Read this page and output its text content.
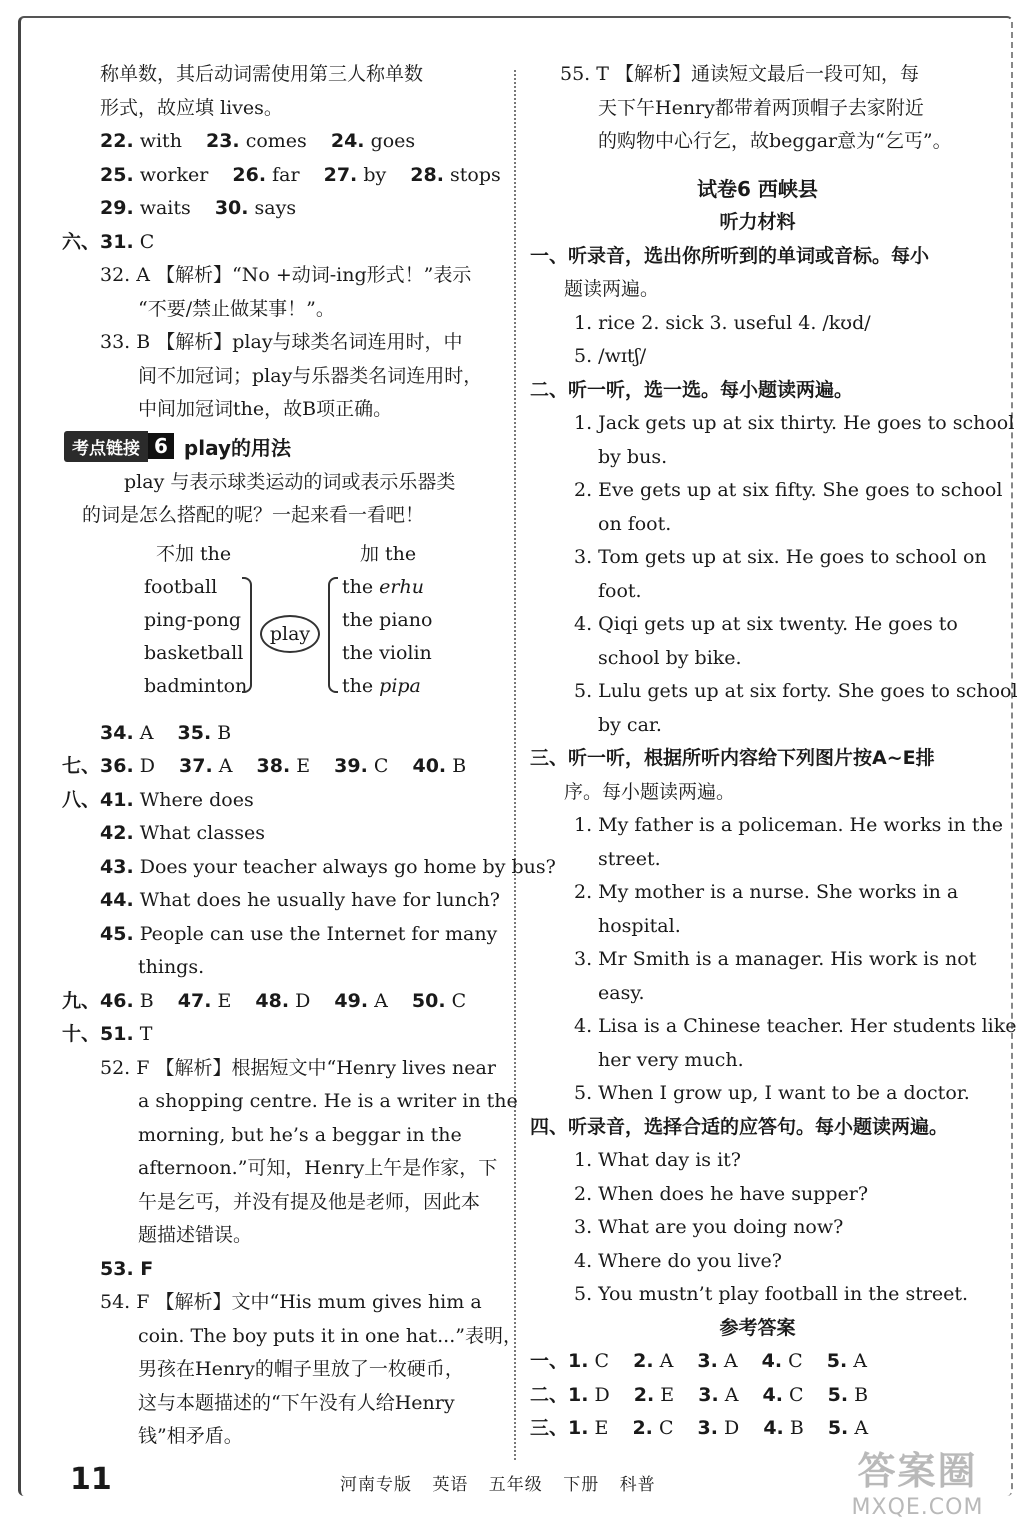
称单数，其后动词需使用第三人称单数
形式，故应填 lives。
22. with 23. comes 24. goes
25. worker 26. far 27. by 28. stops
29. waits 30. says
六、31. C
32. A 【解析】“No +动词-ing形式！”表示
“不要/禁止做某事！”。
33. B 【解析】play与球类名词连用时，中
间不加冠词；play与乐器类名词连用时，
中间加冠词the，故B项正确。
考点链接 6 play的用法
play 与表示球类运动的词或表示乐器类
的词是怎么搭配的呢？一起来看一看吧！
不加 the	加 the
football
ping-pong
basketball
badminton
play
the erhu
the piano
the violin
the pipa
34. A 35. B
七、36. D 37. A 38. E 39. C 40. B
八、41. Where does
42. What classes
43. Does your teacher always go home by bus?
44. What does he usually have for lunch?
45. People can use the Internet for many
things.
九、46. B 47. E 48. D 49. A 50. C
十、51. T
52. F 【解析】根据短文中“Henry lives near
a shopping centre. He is a writer in the
morning, but he’s a beggar in the
afternoon.”可知，Henry上午是作家，下
午是乞丐，并没有提及他是老师，因此本
题描述错误。
53. F
54. F 【解析】文中“His mum gives him a
coin. The boy puts it in one hat...”表明，
男孩在Henry的帽子里放了一枚硬币，
这与本题描述的“下午没有人给Henry
钱”相矛盾。
55. T 【解析】通读短文最后一段可知，每
天下午Henry都带着两顶帽子去家附近
的购物中心行乞，故beggar意为“乞丐”。
试卷6 西峡县
听力材料
一、听录音，选出你所听到的单词或音标。每小
题读两遍。
1. rice 2. sick 3. useful 4. /kʊd/
5. /wɪtʃ/
二、听一听，选一选。每小题读两遍。
1. Jack gets up at six thirty. He goes to school
by bus.
2. Eve gets up at six fifty. She goes to school
on foot.
3. Tom gets up at six. He goes to school on
foot.
4. Qiqi gets up at six twenty. He goes to
school by bike.
5. Lulu gets up at six forty. She goes to school
by car.
三、听一听，根据所听内容给下列图片按A~E排
序。每小题读两遍。
1. My father is a policeman. He works in the
street.
2. My mother is a nurse. She works in a
hospital.
3. Mr Smith is a manager. His work is not
easy.
4. Lisa is a Chinese teacher. Her students like
her very much.
5. When I grow up, I want to be a doctor.
四、听录音，选择合适的应答句。每小题读两遍。
1. What day is it?
2. When does he have supper?
3. What are you doing now?
4. Where do you live?
5. You mustn’t play football in the street.
参考答案
一、1. C 2. A 3. A 4. C 5. A
二、1. D 2. E 3. A 4. C 5. B
三、1. E 2. C 3. D 4. B 5. A
11	河南专版 英语 五年级 下册 科普	答案圈
MXQE.COM
